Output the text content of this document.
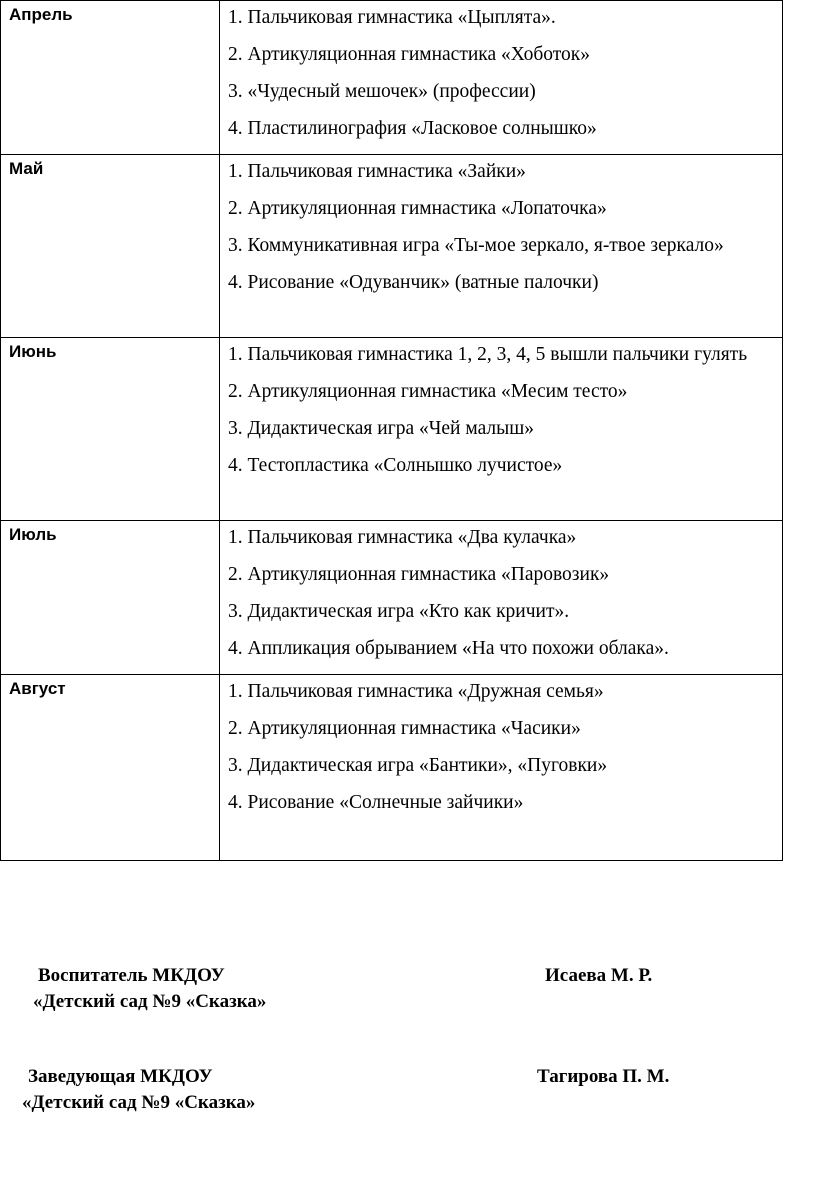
Апрель	1. Пальчиковая гимнастика «Цыплята».
2. Артикуляционная гимнастика «Хоботок»
3. «Чудесный мешочек» (профессии)
4. Пластилинография «Ласковое солнышко»

Май	1. Пальчиковая гимнастика «Зайки»
2. Артикуляционная гимнастика «Лопаточка»
3. Коммуникативная игра «Ты-мое зеркало, я-твое зеркало»
4. Рисование «Одуванчик» (ватные палочки)

Июнь	1. Пальчиковая гимнастика 1, 2, 3, 4, 5 вышли пальчики гулять
2. Артикуляционная гимнастика «Месим тесто»
3. Дидактическая игра «Чей малыш»
4. Тестопластика «Солнышко лучистое»

Июль	1. Пальчиковая гимнастика «Два кулачка»
2. Артикуляционная гимнастика «Паровозик»
3. Дидактическая игра «Кто как кричит».
4. Аппликация обрыванием «На что похожи облака».

Август	1. Пальчиковая гимнастика «Дружная семья»
2. Артикуляционная гимнастика «Часики»
3. Дидактическая игра «Бантики», «Пуговки»
4. Рисование «Солнечные зайчики»
Воспитатель МКДОУ	Исаева М. Р.
«Детский сад №9 «Сказка»
Заведующая МКДОУ	Тагирова П. М.
«Детский сад №9 «Сказка»
